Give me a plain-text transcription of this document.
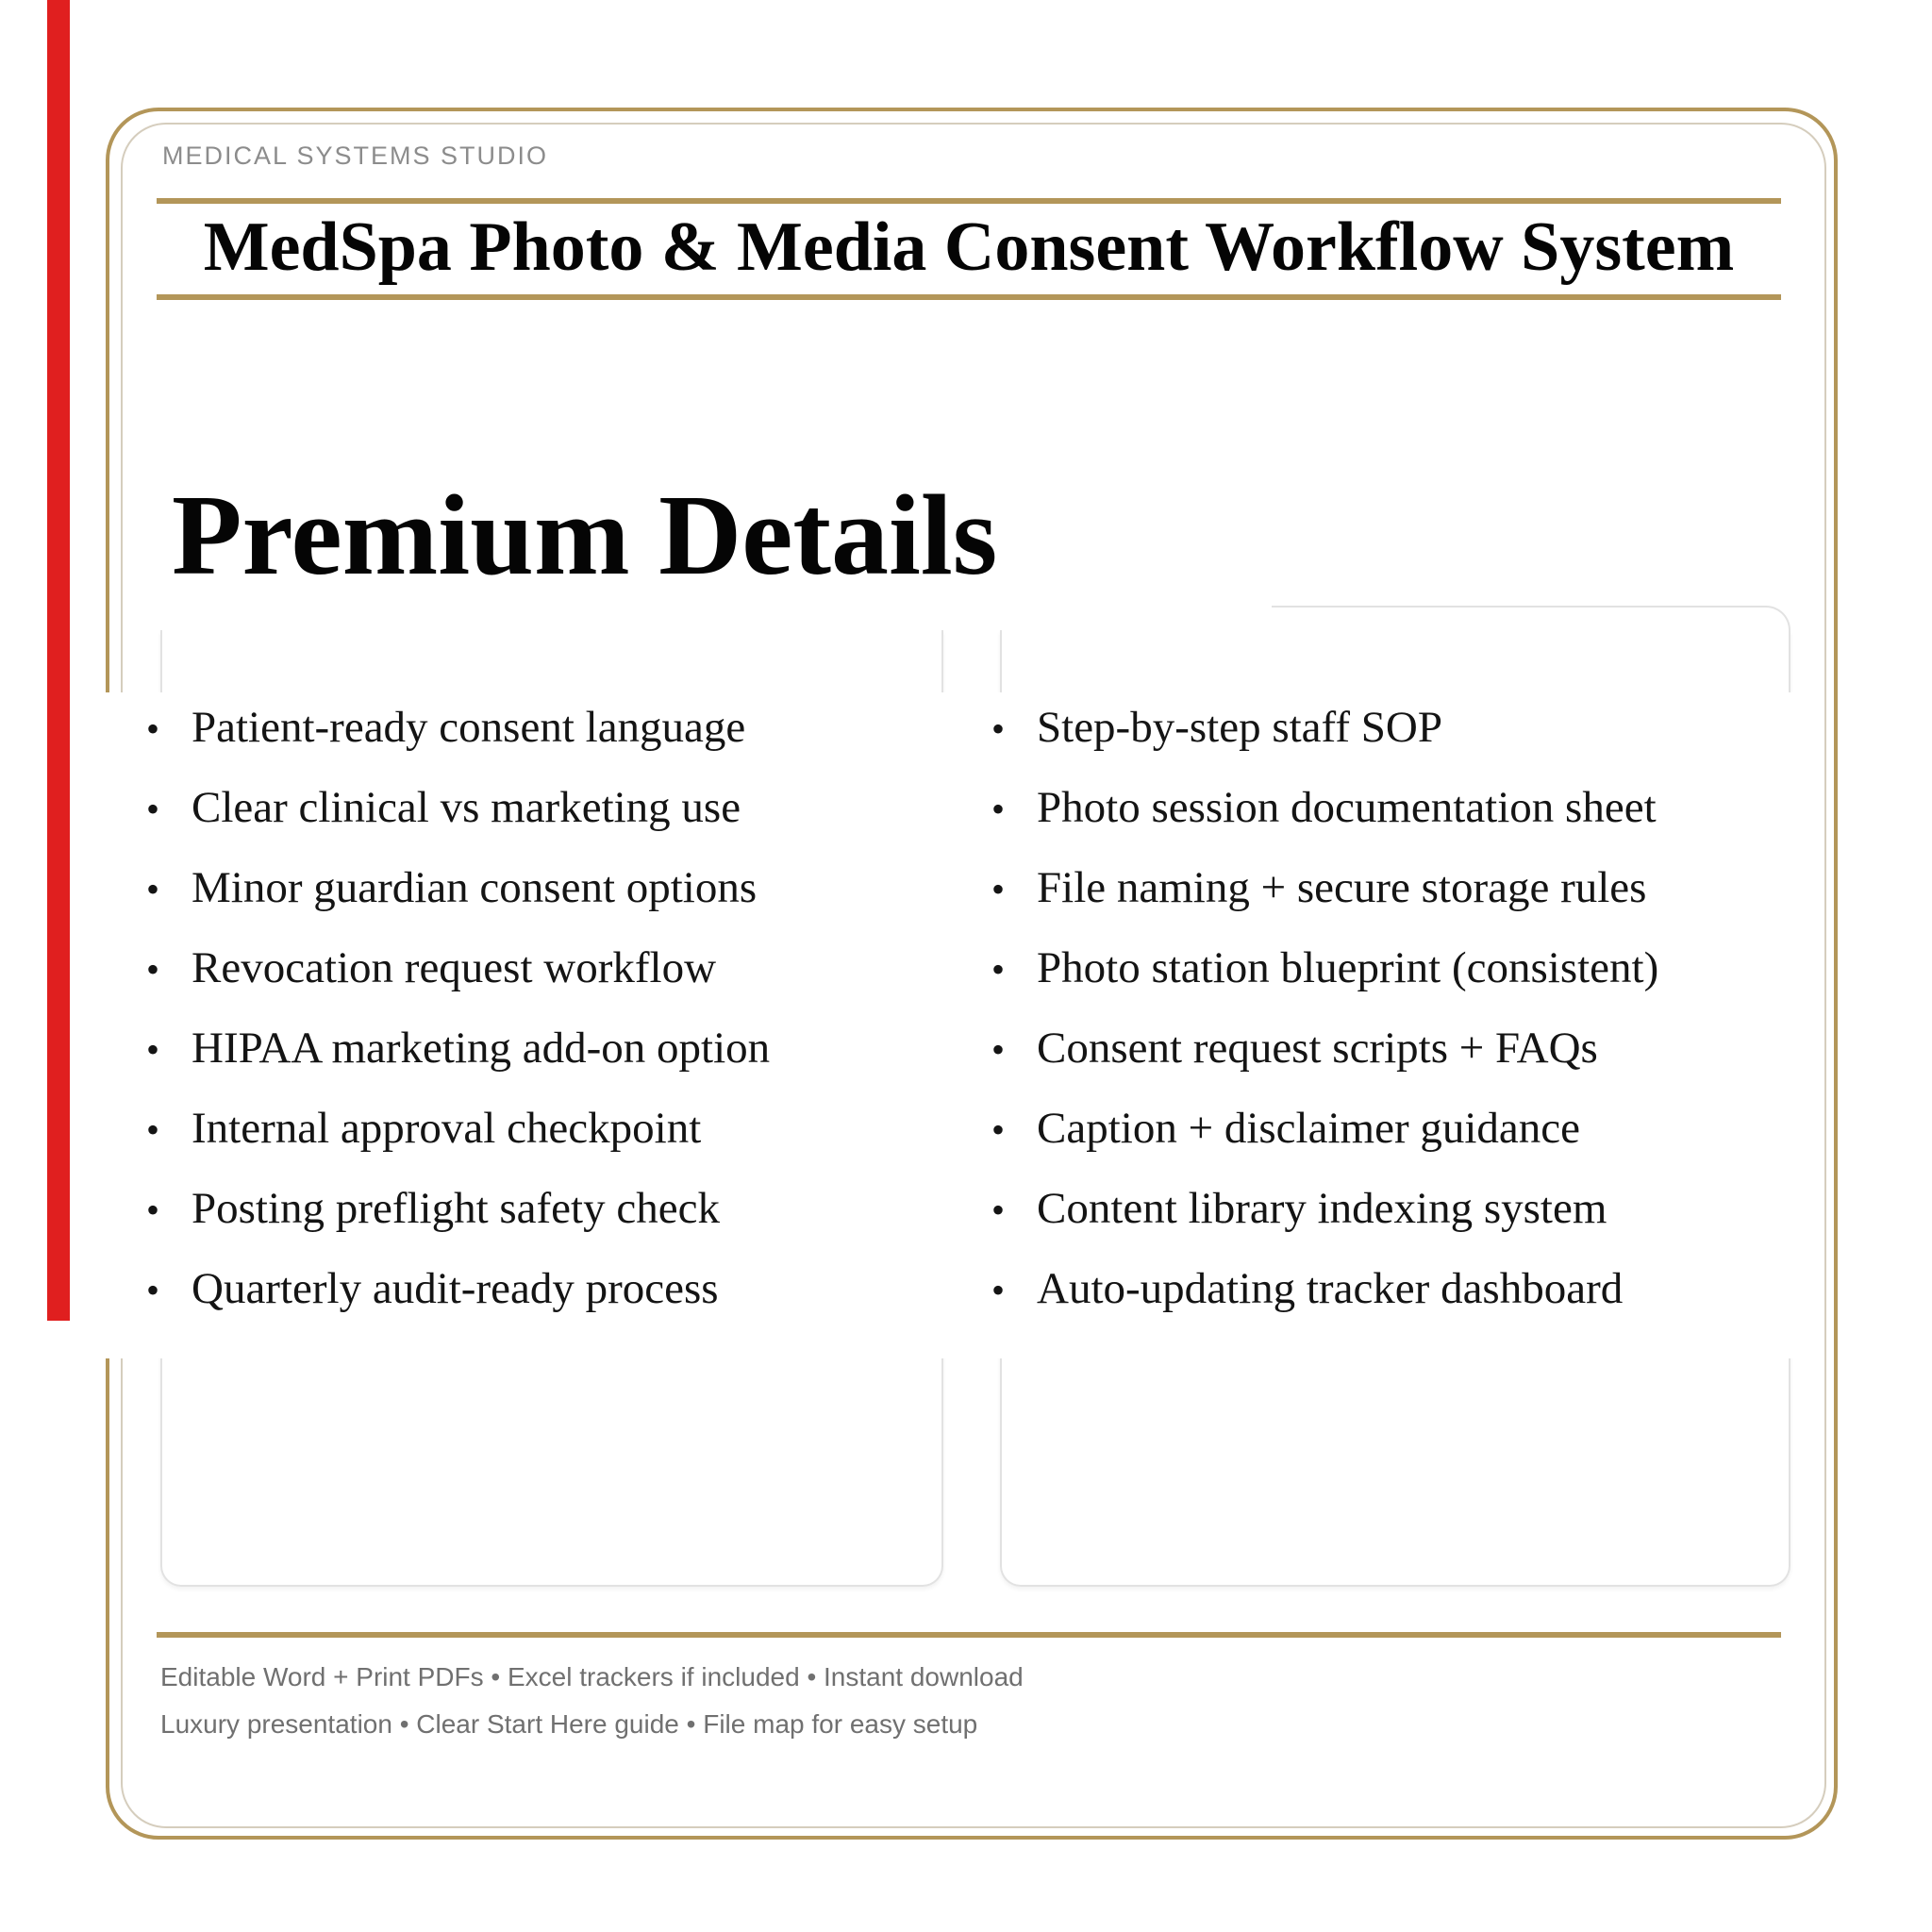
MEDICAL SYSTEMS STUDIO
MedSpa Photo & Media Consent Workflow System
Premium Details
• Patient-ready consent language
• Clear clinical vs marketing use
• Minor guardian consent options
• Revocation request workflow
• HIPAA marketing add-on option
• Internal approval checkpoint
• Posting preflight safety check
• Quarterly audit-ready process
• Step-by-step staff SOP
• Photo session documentation sheet
• File naming + secure storage rules
• Photo station blueprint (consistent)
• Consent request scripts + FAQs
• Caption + disclaimer guidance
• Content library indexing system
• Auto-updating tracker dashboard
Editable Word + Print PDFs • Excel trackers if included • Instant download
Luxury presentation • Clear Start Here guide • File map for easy setup
